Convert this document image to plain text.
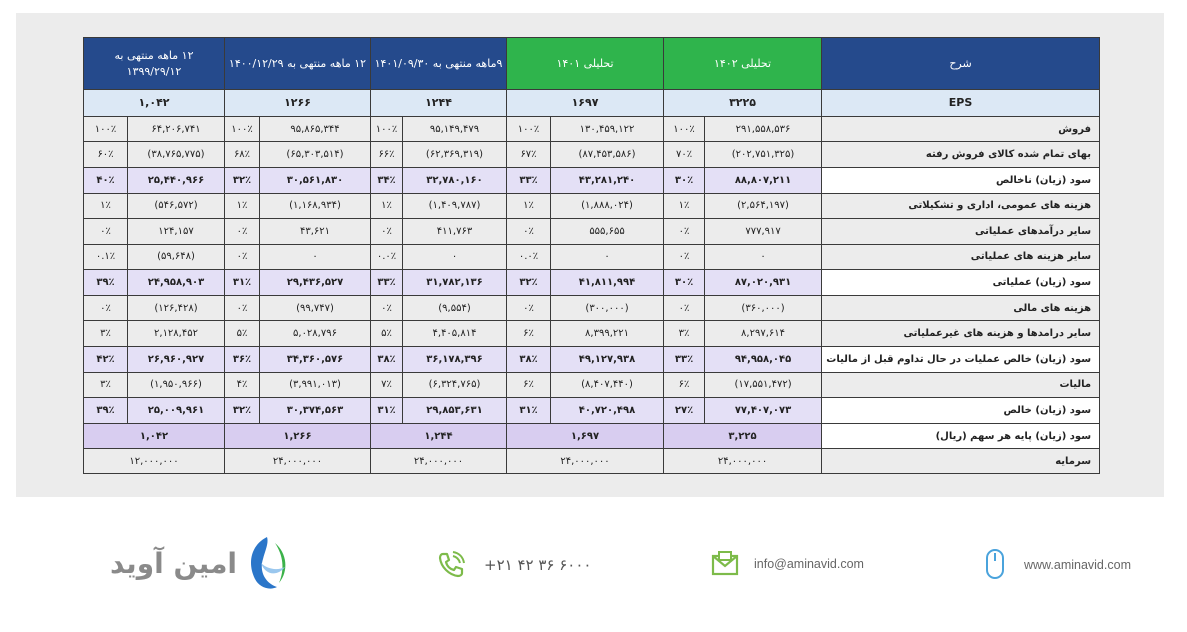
شرح	تحلیلی ۱۴۰۲		تحلیلی ۱۴۰۱		۹ماهه منتهی به ۱۴۰۱/۰۹/۳۰		۱۲ ماهه منتهی به ۱۴۰۰/۱۲/۲۹		۱۲ ماهه منتهی به ۱۳۹۹/۲۹/۱۲	
EPS	۳۲۲۵		۱۶۹۷		۱۲۴۴		۱۲۶۶		۱,۰۴۲	
فروش	۲۹۱,۵۵۸,۵۳۶	۱۰۰٪	۱۳۰,۴۵۹,۱۲۲	۱۰۰٪	۹۵,۱۴۹,۴۷۹	۱۰۰٪	۹۵,۸۶۵,۳۴۴	۱۰۰٪	۶۴,۲۰۶,۷۴۱	۱۰۰٪
بهای تمام شده کالای فروش رفته	(۲۰۲,۷۵۱,۳۲۵)	۷۰٪	(۸۷,۴۵۳,۵۸۶)	۶۷٪	(۶۲,۳۶۹,۳۱۹)	۶۶٪	(۶۵,۳۰۳,۵۱۴)	۶۸٪	(۳۸,۷۶۵,۷۷۵)	۶۰٪
سود (زیان) ناخالص	۸۸,۸۰۷,۲۱۱	۳۰٪	۴۳,۲۸۱,۲۴۰	۳۳٪	۳۲,۷۸۰,۱۶۰	۳۴٪	۳۰,۵۶۱,۸۳۰	۳۲٪	۲۵,۴۴۰,۹۶۶	۴۰٪
هزینه های عمومی، اداری و تشکیلاتی	(۲,۵۶۴,۱۹۷)	۱٪	(۱,۸۸۸,۰۲۴)	۱٪	(۱,۴۰۹,۷۸۷)	۱٪	(۱,۱۶۸,۹۳۴)	۱٪	(۵۴۶,۵۷۲)	۱٪
سایر درآمدهای عملیاتی	۷۷۷,۹۱۷	۰٪	۵۵۵,۶۵۵	۰٪	۴۱۱,۷۶۳	۰٪	۴۳,۶۲۱	۰٪	۱۲۴,۱۵۷	۰٪
سایر هزینه های عملیاتی	۰	۰٪	۰	۰.۰٪	۰	۰.۰٪	۰	۰٪	(۵۹,۶۴۸)	۰.۱٪
سود (زیان) عملیاتی	۸۷,۰۲۰,۹۳۱	۳۰٪	۴۱,۸۱۱,۹۹۴	۳۲٪	۳۱,۷۸۲,۱۳۶	۳۳٪	۲۹,۴۳۶,۵۲۷	۳۱٪	۲۴,۹۵۸,۹۰۳	۳۹٪
هزینه های مالی	(۳۶۰,۰۰۰)	۰٪	(۳۰۰,۰۰۰)	۰٪	(۹,۵۵۴)	۰٪	(۹۹,۷۴۷)	۰٪	(۱۲۶,۴۲۸)	۰٪
سایر درامدها و هزینه های غیرعملیاتی	۸,۲۹۷,۶۱۴	۳٪	۸,۳۹۹,۲۲۱	۶٪	۴,۴۰۵,۸۱۴	۵٪	۵,۰۲۸,۷۹۶	۵٪	۲,۱۲۸,۴۵۲	۳٪
سود (زیان) خالص عملیات در حال تداوم قبل از مالیات	۹۴,۹۵۸,۰۴۵	۳۳٪	۴۹,۱۲۷,۹۳۸	۳۸٪	۳۶,۱۷۸,۳۹۶	۳۸٪	۳۴,۳۶۰,۵۷۶	۳۶٪	۲۶,۹۶۰,۹۲۷	۴۲٪
مالیات	(۱۷,۵۵۱,۴۷۲)	۶٪	(۸,۴۰۷,۴۴۰)	۶٪	(۶,۳۲۴,۷۶۵)	۷٪	(۳,۹۹۱,۰۱۳)	۴٪	(۱,۹۵۰,۹۶۶)	۳٪
سود (زیان) خالص	۷۷,۴۰۷,۰۷۳	۲۷٪	۴۰,۷۲۰,۴۹۸	۳۱٪	۲۹,۸۵۳,۶۳۱	۳۱٪	۳۰,۳۷۴,۵۶۳	۳۲٪	۲۵,۰۰۹,۹۶۱	۳۹٪
سود (زیان) پایه هر سهم (ریال)	۳,۲۲۵		۱,۶۹۷		۱,۲۴۴		۱,۲۶۶		۱,۰۴۲	
سرمایه	۲۴,۰۰۰,۰۰۰		۲۴,۰۰۰,۰۰۰		۲۴,۰۰۰,۰۰۰		۲۴,۰۰۰,۰۰۰		۱۲,۰۰۰,۰۰۰	
امین آوید	+۲۱ ۴۲ ۳۶ ۶۰۰۰	info@aminavid.com	www.aminavid.com
